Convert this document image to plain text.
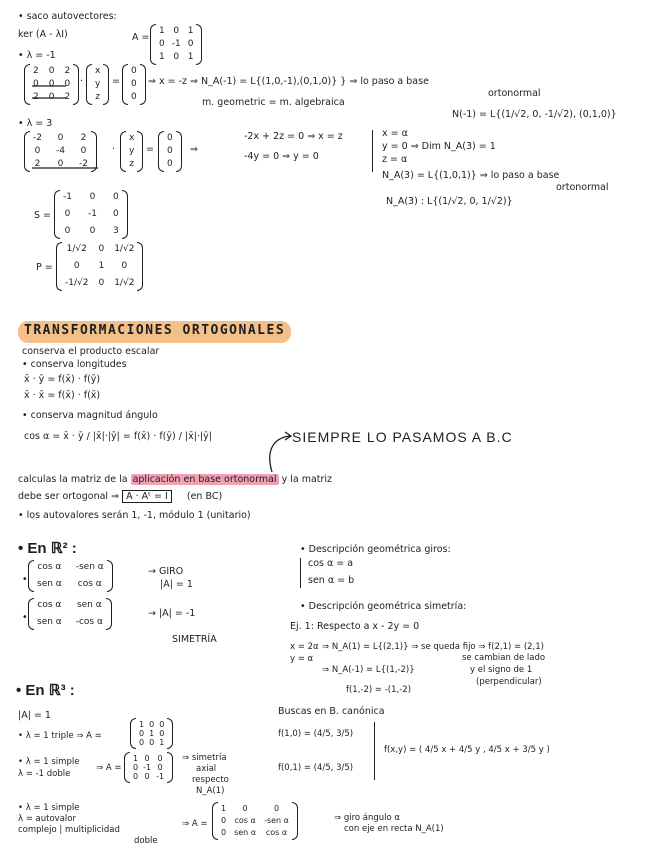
• saco autovectores:
ker (A - λI)	A =
1 0 1
0 -1 0
1 0 1
• λ = -1
2 0 2
0 0 0
2 0 2
·
x
y
z
=
0
0
0
⇒ x = -z ⇒ N_A(-1) = L{(1,0,-1),(0,1,0)} } ⇒ lo paso a base
ortonormal
m. geometric = m. algebraica
N(-1) = L{(1/√2, 0, -1/√2), (0,1,0)}
• λ = 3
-2 0 2
0 -4 0
2 0 -2
·
x
y
z
=
0
0
0
⇒
-2x + 2z = 0 ⇒ x = z
-4y = 0 ⇒ y = 0
x = α
y = 0 ⇒ Dim N_A(3) = 1
z = α
N_A(3) = L{(1,0,1)} ⇒ lo paso a base
ortonormal
N_A(3) : L{(1/√2, 0, 1/√2)}
S =
-1 0 0
0 -1 0
0 0 3
P =
1/√2 0 1/√2
0	1	0
-1/√2 0 1/√2
TRANSFORMACIONES ORTOGONALES
conserva el producto escalar
• conserva longitudes
x̄ · ȳ = f(x̄) · f(ȳ)
x̄ · x̄ = f(x̄) · f(x̄)
• conserva magnitud ángulo
cos α = x̄ · ȳ / |x̄|·|ȳ| = f(x̄) · f(ȳ) / |x̄|·|ȳ|	SIEMPRE LO PASAMOS A B.C
calculas la matriz de la aplicación en base ortonormal y la matriz
debe ser ortogonal ⇒ A · Aᵗ = I (en BC)
• los autovalores serán 1, -1, módulo 1 (unitario)
• En ℝ² :
•
cos α -sen α
sen α cos α
→ GIRO
|A| = 1
•
cos α sen α
sen α -cos α
→ |A| = -1
SIMETRÍA
• Descripción geométrica giros:
cos α = a
sen α = b
• Descripción geométrica simetría:
Ej. 1: Respecto a x - 2y = 0
x = 2α
y = α
⇒ N_A(1) = L{(2,1)} ⇒ se queda fijo ⇒ f(2,1) = (2,1)
se cambian de lado
⇒ N_A(-1) = L{(1,-2)}	y el signo de 1
(perpendicular)
f(1,-2) = -(1,-2)
• En ℝ³ :
|A| = 1
• λ = 1 triple ⇒ A =
1 0 0
0 1 0
0 0 1
• λ = 1 simple
λ = -1 doble
⇒ A =
1 0 0
0 -1 0
0 0 -1
⇒ simetría
axial
respecto
N_A(1)
• λ = 1 simple
λ = autovalor
complejo | multiplicidad
doble
⇒ A =
1	0	0
0 cos α -sen α
0 sen α cos α
⇒ giro ángulo α
con eje en recta N_A(1)
Buscas en B. canónica
f(1,0) = (4/5, 3/5)
f(0,1) = (4/5, 3/5)
f(x,y) = ( 4/5 x + 4/5 y , 4/5 x + 3/5 y )
